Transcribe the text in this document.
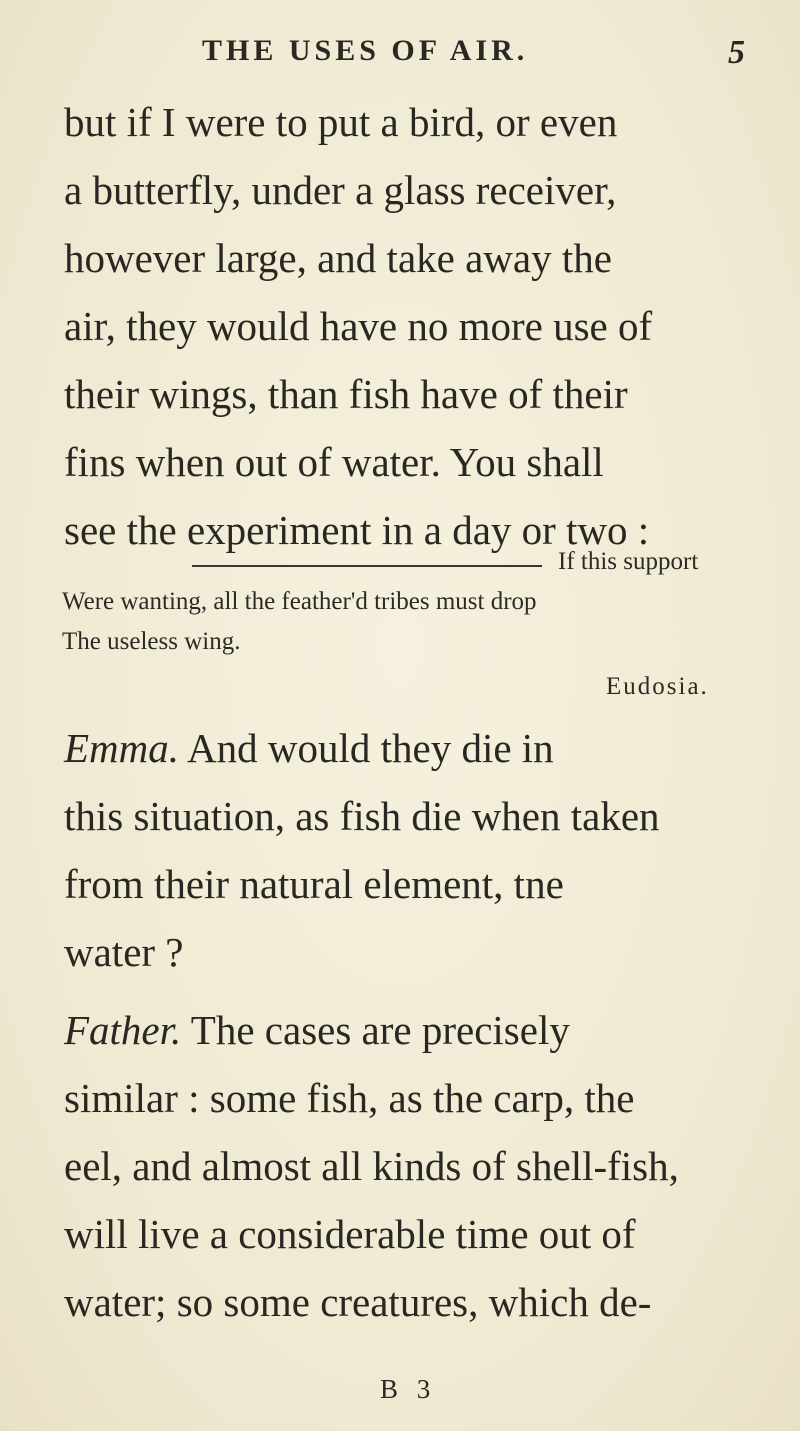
THE USES OF AIR.	5
but if I were to put a bird, or even
a butterfly, under a glass receiver,
however large, and take away the
air, they would have no more use of
their wings, than fish have of their
fins when out of water. You shall
see the experiment in a day or two :
If this support
Were wanting, all the feather'd tribes must drop
The useless wing.
Eudosia.
Emma. And would they die in
this situation, as fish die when taken
from their natural element, tne
water ?
Father. The cases are precisely
similar : some fish, as the carp, the
eel, and almost all kinds of shell-fish,
will live a considerable time out of
water; so some creatures, which de-
B 3
